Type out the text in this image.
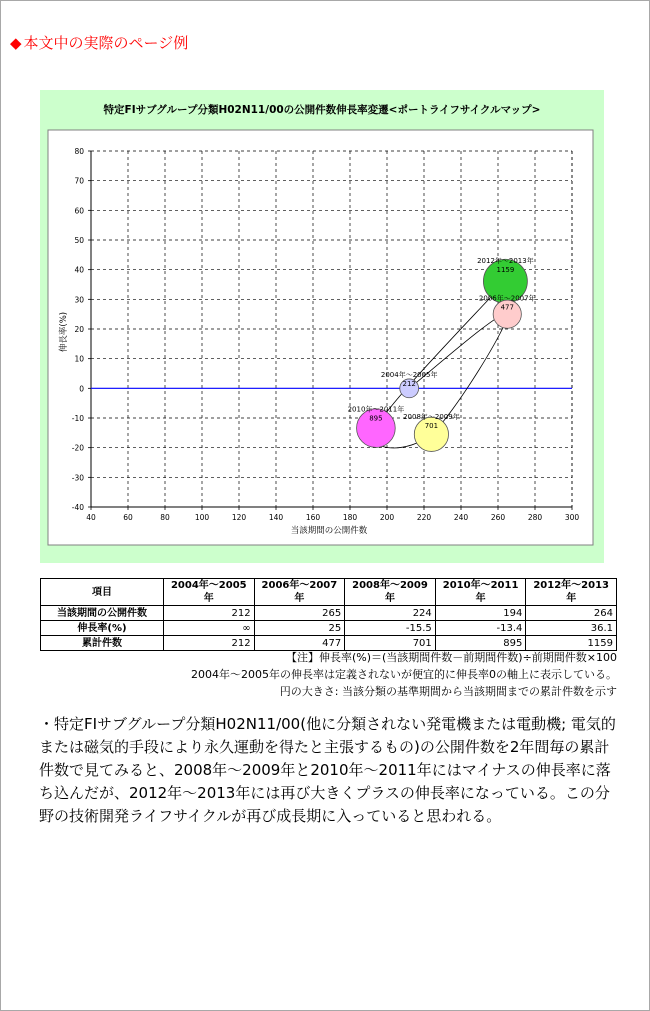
◆ 本文中の実際のページ例
特定FIサブグループ分類H02N11/00の公開件数伸長率変遷<ポートライフサイクルマップ>
40	60	80	100	120	140	160	180	200	220	240	260	280	300
80
70
60
50
40
30
20
10
0
-10
-20
-30
-40
2004年～2005年
212
2006年～2007年
477
2008年～2009年
701
2010年～2011年
895
2012年～2013年
1159
当該期間の公開件数
伸長率(%)
項目	2004年～2005年	2006年～2007年	2008年～2009年	2010年～2011年	2012年～2013年
当該期間の公開件数	212	265	224	194	264
伸長率(%)	∞	25	-15.5	-13.4	36.1
累計件数	212	477	701	895	1159
【注】伸長率(%)＝(当該期間件数－前期間件数)÷前期間件数×100
2004年～2005年の伸長率は定義されないが便宜的に伸長率0の軸上に表示している。
円の大きさ: 当該分類の基準期間から当該期間までの累計件数を示す
・特定FIサブグループ分類H02N11/00(他に分類されない発電機または電動機; 電気的または磁気的手段により永久運動を得たと主張するもの)の公開件数を2年間毎の累計件数で見てみると、2008年～2009年と2010年～2011年にはマイナスの伸長率に落ち込んだが、2012年～2013年には再び大きくプラスの伸長率になっている。この分野の技術開発ライフサイクルが再び成長期に入っていると思われる。
